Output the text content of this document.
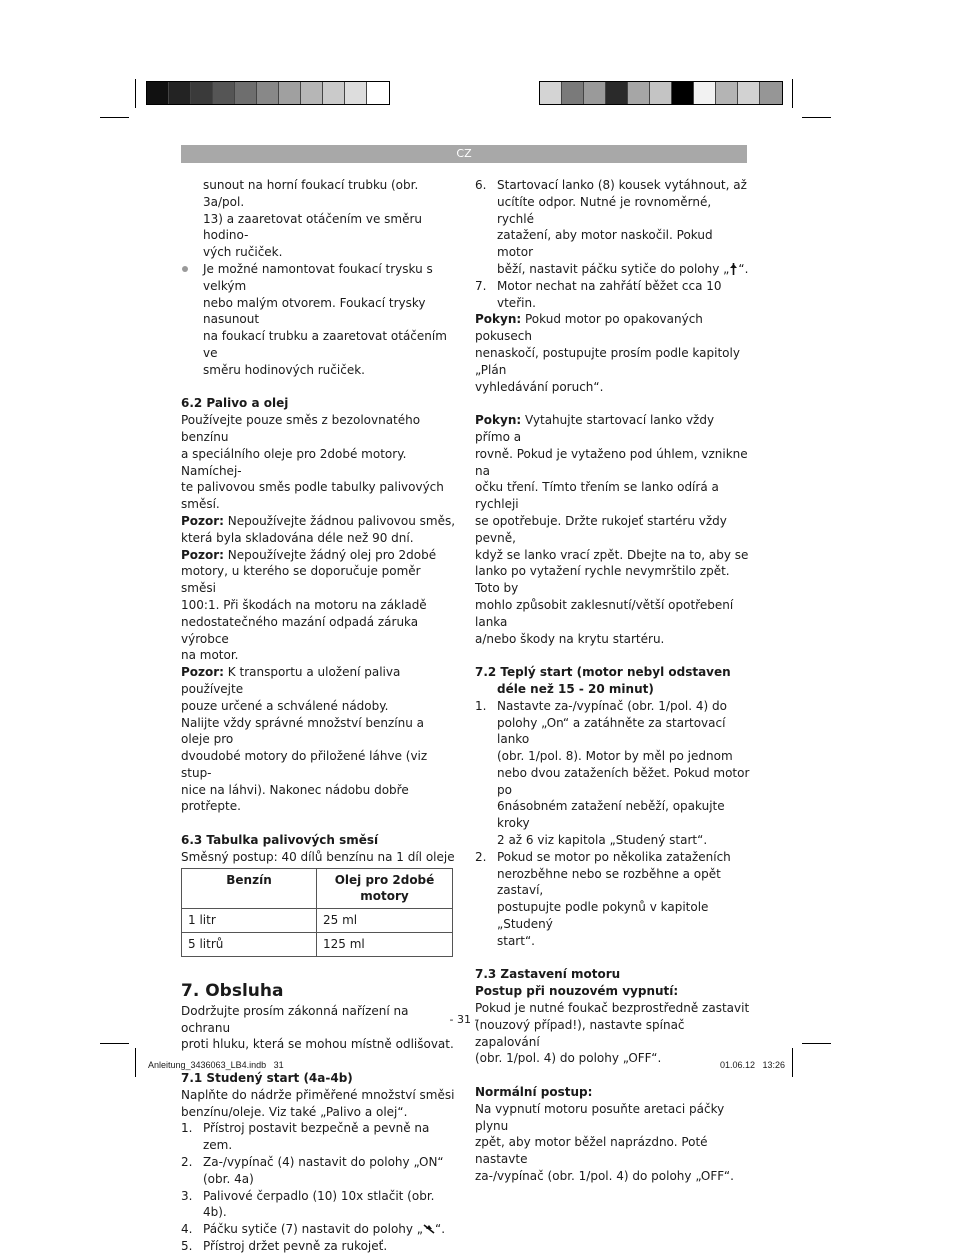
CZ

sunout na horní foukací trubku (obr. 3a/pol.

13) a zaaretovat otáčením ve směru hodino-

vých ručiček.

Je možné namontovat foukací trysku s velkým

nebo malým otvorem. Foukací trysky nasunout

na foukací trubku a zaaretovat otáčením ve

směru hodinových ručiček.

6.2 Palivo a olej

Používejte pouze směs z bezolovnatého benzínu

a speciálního oleje pro 2dobé motory. Namíchej-

te palivovou směs podle tabulky palivových směsí.

Pozor: Nepoužívejte žádnou palivovou směs,

která byla skladována déle než 90 dní.

Pozor: Nepoužívejte žádný olej pro 2dobé

motory, u kterého se doporučuje poměr směsi

100:1. Při škodách na motoru na základě

nedostatečného mazání odpadá záruka výrobce

na motor.

Pozor: K transportu a uložení paliva používejte

pouze určené a schválené nádoby.

Nalijte vždy správné množství benzínu a oleje pro

dvoudobé motory do přiložené láhve (viz stup-

nice na láhvi). Nakonec nádobu dobře protřepte.

6.3 Tabulka palivových směsí

Směsný postup: 40 dílů benzínu na 1 díl oleje

Benzín	Olej pro 2dobé motory
1 litr	25 ml
5 litrů	125 ml

7. Obsluha

Dodržujte prosím zákonná nařízení na ochranu

proti hluku, která se mohou místně odlišovat.

7.1 Studený start (4a-4b)

Naplňte do nádrže přiměřené množství směsi

benzínu/oleje. Viz také „Palivo a olej“.

1. Přístroj postavit bezpečně a pevně na zem.

2. Za-/vypínač (4) nastavit do polohy „ON“

(obr. 4a)

3. Palivové čerpadlo (10) 10x stlačit (obr. 4b).

4. Páčku sytiče (7) nastavit do polohy „ “.

5. Přístroj držet pevně za rukojeť.

6. Startovací lanko (8) kousek vytáhnout, až

ucítíte odpor. Nutné je rovnoměrné, rychlé

zatažení, aby motor naskočil. Pokud motor

běží, nastavit páčku sytiče do polohy „ “.

7. Motor nechat na zahřátí běžet cca 10 vteřin.

Pokyn: Pokud motor po opakovaných pokusech

nenaskočí, postupujte prosím podle kapitoly „Plán

vyhledávání poruch“.

Pokyn: Vytahujte startovací lanko vždy přímo a

rovně. Pokud je vytaženo pod úhlem, vznikne na

očku tření. Tímto třením se lanko odírá a rychleji

se opotřebuje. Držte rukojeť startéru vždy pevně,

když se lanko vrací zpět. Dbejte na to, aby se

lanko po vytažení rychle nevymrštilo zpět. Toto by

mohlo způsobit zaklesnutí/větší opotřebení lanka

a/nebo škody na krytu startéru.

7.2 Teplý start (motor nebyl odstaven

déle než 15 - 20 minut)

1. Nastavte za-/vypínač (obr. 1/pol. 4) do

polohy „On“ a zatáhněte za startovací lanko

(obr. 1/pol. 8). Motor by měl po jednom

nebo dvou zataženích běžet. Pokud motor po

6násobném zatažení neběží, opakujte kroky

2 až 6 viz kapitola „Studený start“.

2. Pokud se motor po několika zataženích

nerozběhne nebo se rozběhne a opět zastaví,

postupujte podle pokynů v kapitole „Studený

start“.

7.3 Zastavení motoru

Postup při nouzovém vypnutí:

Pokud je nutné foukač bezprostředně zastavit

(nouzový případ!), nastavte spínač zapalování

(obr. 1/pol. 4) do polohy „OFF“.

Normální postup:

Na vypnutí motoru posuňte aretaci páčky plynu

zpět, aby motor běžel naprázdno. Poté nastavte

za-/vypínač (obr. 1/pol. 4) do polohy „OFF“.

- 31 -
Anleitung_3436063_LB4.indb   31	01.06.12   13:26
